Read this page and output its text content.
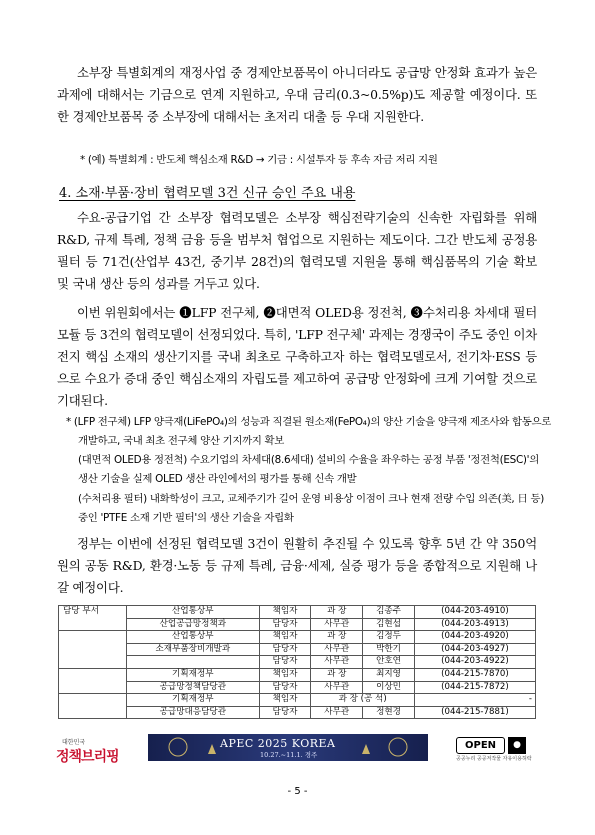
소부장 특별회계의 재정사업 중 경제안보품목이 아니더라도 공급망 안정화 효과가 높은 과제에 대해서는 기금으로 연계 지원하고, 우대 금리(0.3~0.5%p)도 제공할 예정이다. 또한 경제안보품목 중 소부장에 대해서는 초저리 대출 등 우대 지원한다.

* (예) 특별회계 : 반도체 핵심소재 R&D → 기금 : 시설투자 등 후속 자금 저리 지원

4. 소재·부품·장비 협력모델 3건 신규 승인 주요 내용

수요-공급기업 간 소부장 협력모델은 소부장 핵심전략기술의 신속한 자립화를 위해 R&D, 규제 특례, 정책 금융 등을 범부처 협업으로 지원하는 제도이다. 그간 반도체 공정용 필터 등 71건(산업부 43건, 중기부 28건)의 협력모델 지원을 통해 핵심품목의 기술 확보 및 국내 생산 등의 성과를 거두고 있다.

이번 위원회에서는 ❶LFP 전구체, ❷대면적 OLED용 정전척, ❸수처리용 차세대 필터 모듈 등 3건의 협력모델이 선정되었다. 특히, 'LFP 전구체' 과제는 경쟁국이 주도 중인 이차전지 핵심 소재의 생산기지를 국내 최초로 구축하고자 하는 협력모델로서, 전기차·ESS 등으로 수요가 증대 중인 핵심소재의 자립도를 제고하여 공급망 안정화에 크게 기여할 것으로 기대된다.

* (LFP 전구체) LFP 양극재(LiFePO₄)의 성능과 직결된 원소재(FePO₄)의 양산 기술을 양극재 제조사와 합동으로 개발하고, 국내 최초 전구체 양산 기지까지 확보

(대면적 OLED용 정전척) 수요기업의 차세대(8.6세대) 설비의 수율을 좌우하는 공정 부품 '정전척(ESC)'의 생산 기술을 실제 OLED 생산 라인에서의 평가를 통해 신속 개발

(수처리용 필터) 내화학성이 크고, 교체주기가 길어 운영 비용상 이점이 크나 현재 전량 수입 의존(美, 日 등) 중인 'PTFE 소재 기반 필터'의 생산 기술을 자립화

정부는 이번에 선정된 협력모델 3건이 원활히 추진될 수 있도록 향후 5년 간 약 350억원의 공동 R&D, 환경·노동 등 규제 특례, 금융·세제, 실증 평가 등을 종합적으로 지원해 나갈 예정이다.

담당 부서	산업통상부	책임자	과 장	김종주	(044-203-4910)
	산업공급망정책과	담당자	사무관	김현섭	(044-203-4913)
	산업통상부	책임자	과 장	김정두	(044-203-4920)
	소재부품장비개발과	담당자	사무관	박한기	(044-203-4927)
		담당자	사무관	안호연	(044-203-4922)
	기획재정부	책임자	과 장	최지영	(044-215-7870)
	공급망정책담당관	담당자	사무관	이상민	(044-215-7872)
	기획재정부	책임자	과 장 (공 석)		-
	공급망대응담당관	담당자	사무관	정현경	(044-215-7881)
대한민국
정책브리핑
APEC 2025 KOREA
10.27.~11.1. 경주
OPEN	●
공공누리 공공저작물 자유이용허락
- 5 -
